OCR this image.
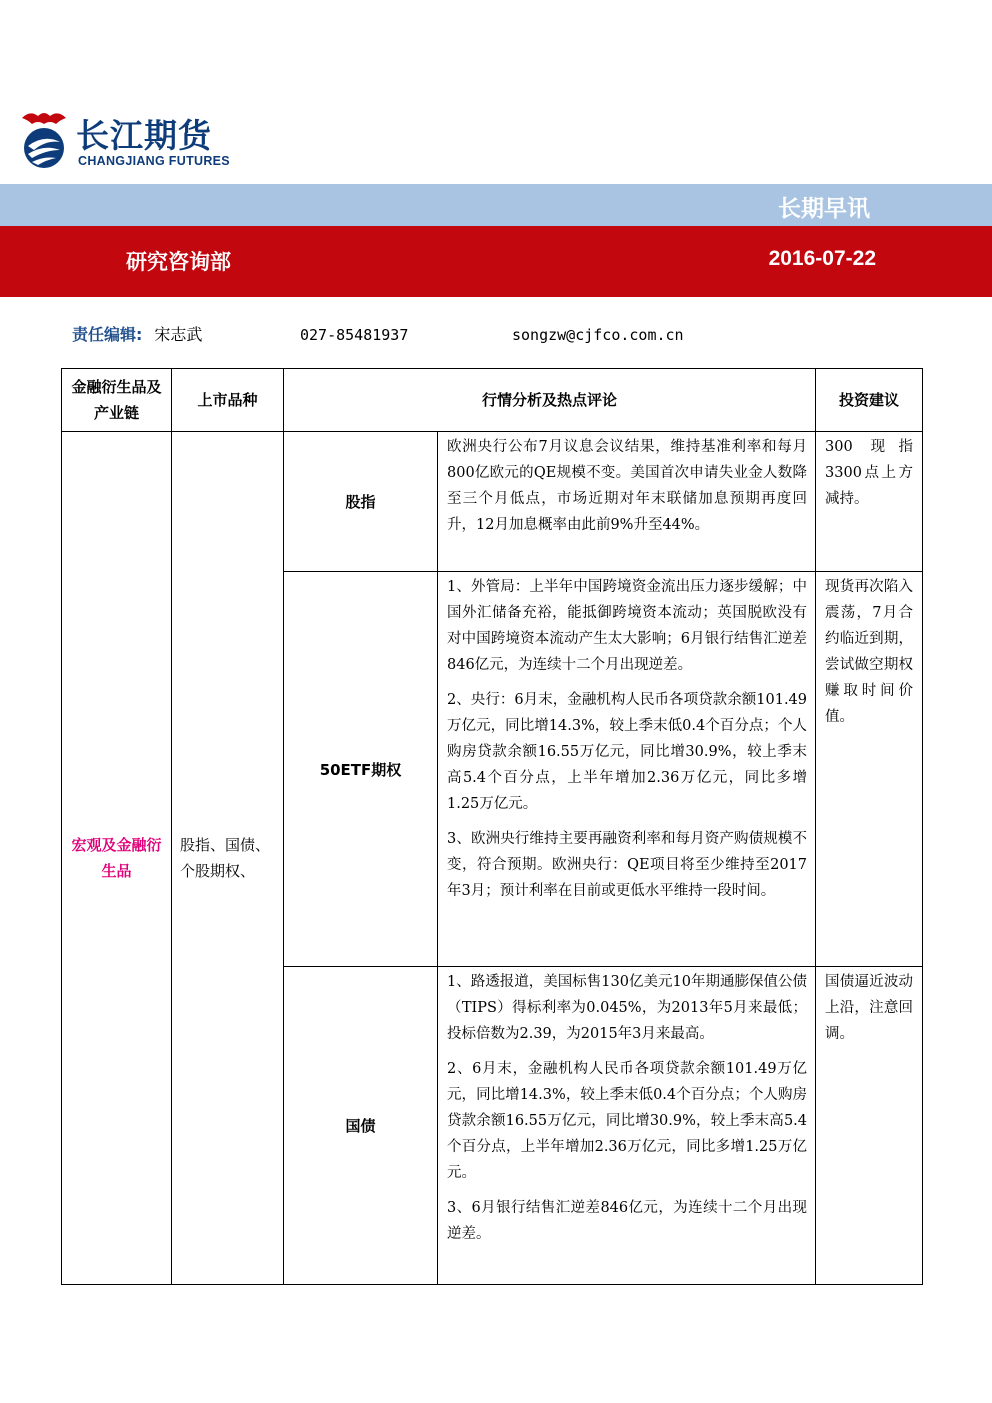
长江期货
CHANGJIANG FUTURES
长期早讯
研究咨询部	2016-07-22
责任编辑: 宋志武	027-85481937	songzw@cjfco.com.cn
金融衍生品及产业链	上市品种	行情分析及热点评论		投资建议

宏观及金融衍生品	股指、国债、个股期权、	股指	欧洲央行公布7月议息会议结果，维持基准利率和每月800亿欧元的QE规模不变。美国首次申请失业金人数降至三个月低点，市场近期对年末联储加息预期再度回升，12月加息概率由此前9%升至44%。	300 现指3300点上方减持。
		50ETF期权	1、外管局：上半年中国跨境资金流出压力逐步缓解；中国外汇储备充裕，能抵御跨境资本流动；英国脱欧没有对中国跨境资本流动产生太大影响；6月银行结售汇逆差846亿元，为连续十二个月出现逆差。

2、央行：6月末，金融机构人民币各项贷款余额101.49万亿元，同比增14.3%，较上季末低0.4个百分点；个人购房贷款余额16.55万亿元，同比增30.9%，较上季末高5.4个百分点，上半年增加2.36万亿元，同比多增1.25万亿元。

3、欧洲央行维持主要再融资利率和每月资产购债规模不变，符合预期。欧洲央行：QE项目将至少维持至2017年3月；预计利率在目前或更低水平维持一段时间。	现货再次陷入震荡，7月合约临近到期，尝试做空期权赚取时间价值。
		国债	1、路透报道，美国标售130亿美元10年期通膨保值公债（TIPS）得标利率为0.045%，为2013年5月来最低；投标倍数为2.39，为2015年3月来最高。

2、6月末，金融机构人民币各项贷款余额101.49万亿元，同比增14.3%，较上季末低0.4个百分点；个人购房贷款余额16.55万亿元，同比增30.9%，较上季末高5.4个百分点，上半年增加2.36万亿元，同比多增1.25万亿元。

3、6月银行结售汇逆差846亿元，为连续十二个月出现逆差。	国债逼近波动上沿，注意回调。
